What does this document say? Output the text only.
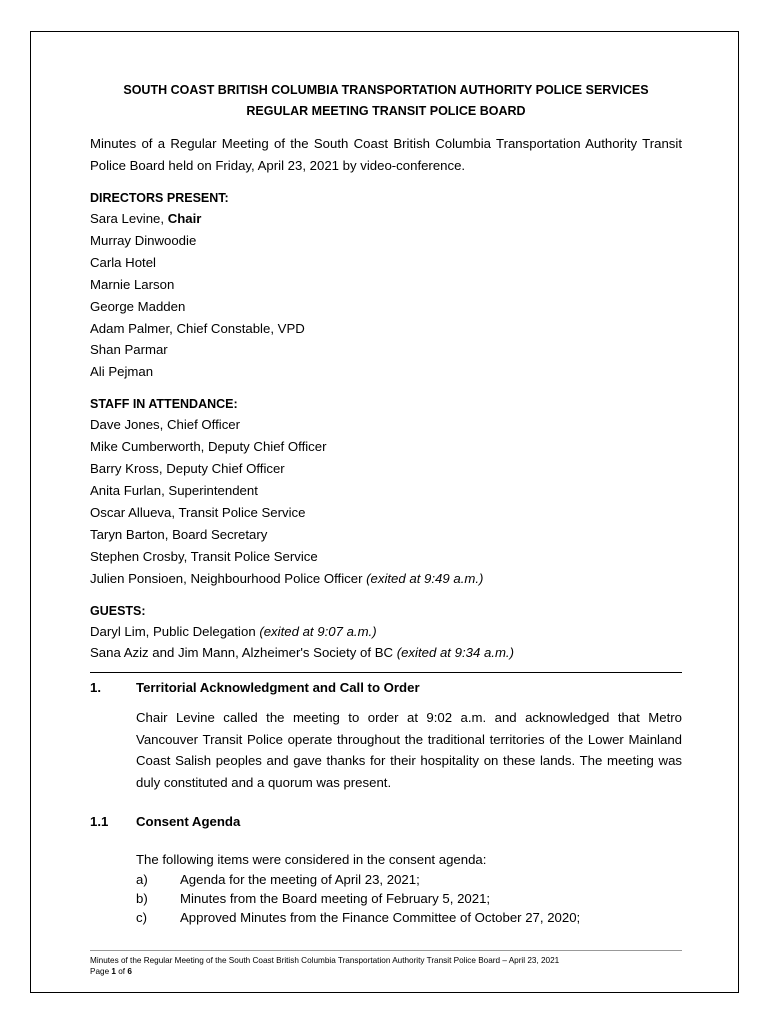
SOUTH COAST BRITISH COLUMBIA TRANSPORTATION AUTHORITY POLICE SERVICES
REGULAR MEETING TRANSIT POLICE BOARD
Minutes of a Regular Meeting of the South Coast British Columbia Transportation Authority Transit Police Board held on Friday, April 23, 2021 by video-conference.
DIRECTORS PRESENT:
Sara Levine, Chair
Murray Dinwoodie
Carla Hotel
Marnie Larson
George Madden
Adam Palmer, Chief Constable, VPD
Shan Parmar
Ali Pejman
STAFF IN ATTENDANCE:
Dave Jones, Chief Officer
Mike Cumberworth, Deputy Chief Officer
Barry Kross, Deputy Chief Officer
Anita Furlan, Superintendent
Oscar Allueva, Transit Police Service
Taryn Barton, Board Secretary
Stephen Crosby, Transit Police Service
Julien Ponsioen, Neighbourhood Police Officer (exited at 9:49 a.m.)
GUESTS:
Daryl Lim, Public Delegation (exited at 9:07 a.m.)
Sana Aziz and Jim Mann, Alzheimer's Society of BC (exited at 9:34 a.m.)
1.	Territorial Acknowledgment and Call to Order
Chair Levine called the meeting to order at 9:02 a.m. and acknowledged that Metro Vancouver Transit Police operate throughout the traditional territories of the Lower Mainland Coast Salish peoples and gave thanks for their hospitality on these lands. The meeting was duly constituted and a quorum was present.
1.1	Consent Agenda
The following items were considered in the consent agenda:
a)	Agenda for the meeting of April 23, 2021;
b)	Minutes from the Board meeting of February 5, 2021;
c)	Approved Minutes from the Finance Committee of October 27, 2020;
Minutes of the Regular Meeting of the South Coast British Columbia Transportation Authority Transit Police Board – April 23, 2021
Page 1 of 6
